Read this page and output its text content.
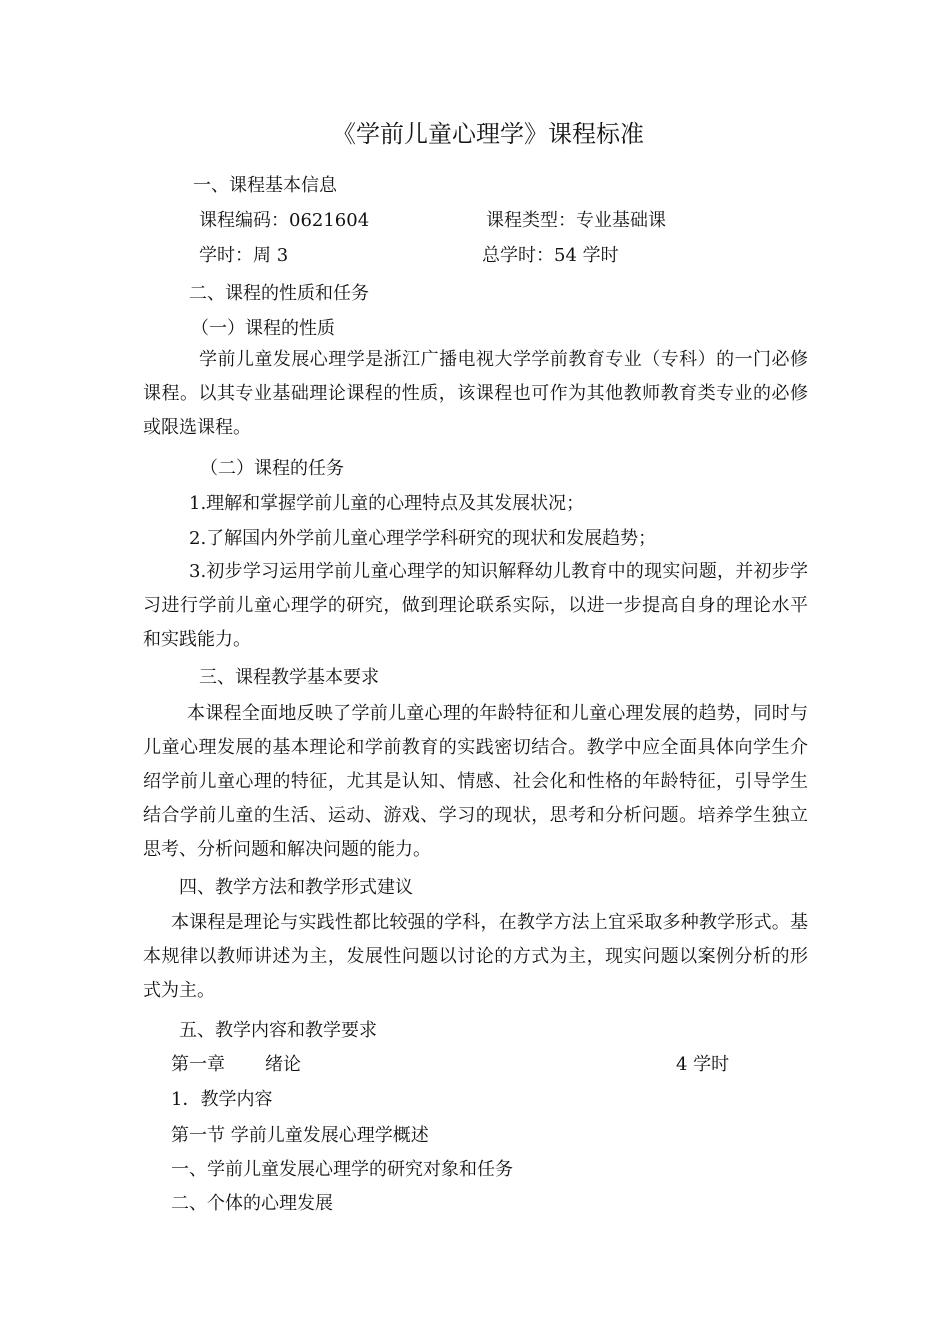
《学前儿童心理学》课程标准
一、课程基本信息
课程编码：0621604	课程类型：专业基础课
学时：周 3	总学时：54 学时
二、课程的性质和任务
（一）课程的性质
学前儿童发展心理学是浙江广播电视大学学前教育专业（专科）的一门必修课程。以其专业基础理论课程的性质，该课程也可作为其他教师教育类专业的必修或限选课程。
（二）课程的任务
1.理解和掌握学前儿童的心理特点及其发展状况；
2.了解国内外学前儿童心理学学科研究的现状和发展趋势；
3.初步学习运用学前儿童心理学的知识解释幼儿教育中的现实问题，并初步学习进行学前儿童心理学的研究，做到理论联系实际，以进一步提高自身的理论水平和实践能力。
三、课程教学基本要求
本课程全面地反映了学前儿童心理的年龄特征和儿童心理发展的趋势，同时与儿童心理发展的基本理论和学前教育的实践密切结合。教学中应全面具体向学生介绍学前儿童心理的特征，尤其是认知、情感、社会化和性格的年龄特征，引导学生结合学前儿童的生活、运动、游戏、学习的现状，思考和分析问题。培养学生独立思考、分析问题和解决问题的能力。
四、教学方法和教学形式建议
本课程是理论与实践性都比较强的学科，在教学方法上宜采取多种教学形式。基本规律以教师讲述为主，发展性问题以讨论的方式为主，现实问题以案例分析的形式为主。
五、教学内容和教学要求
第一章 绪论	4 学时
1．教学内容
第一节 学前儿童发展心理学概述
一、学前儿童发展心理学的研究对象和任务
二、个体的心理发展
